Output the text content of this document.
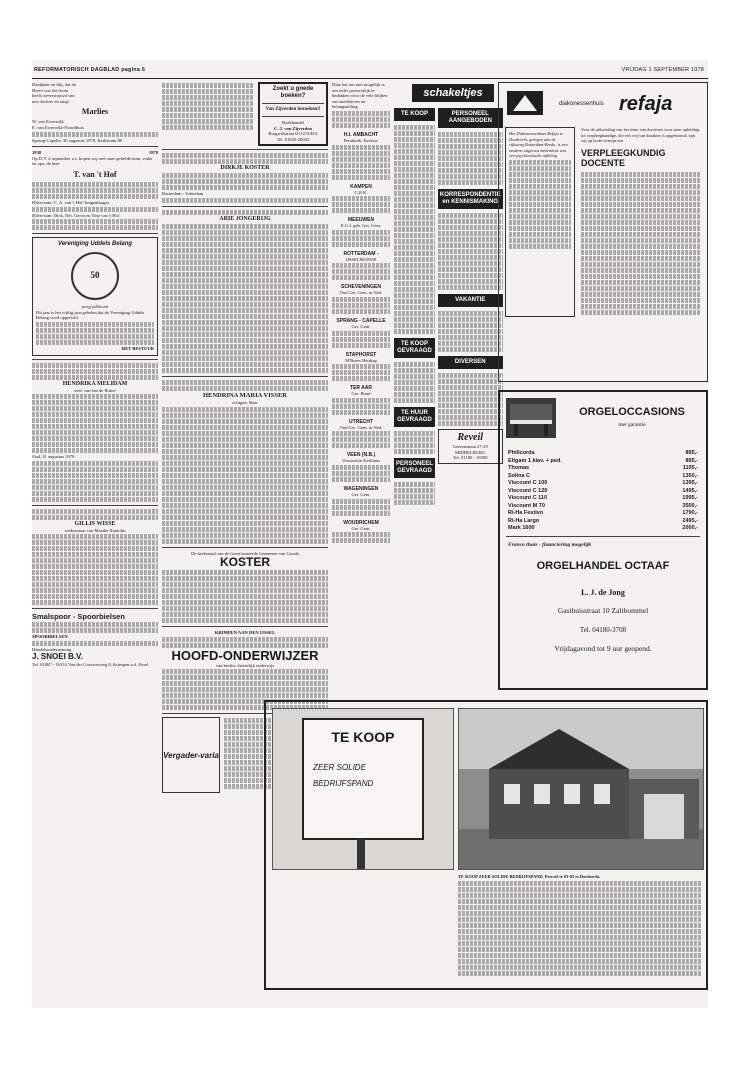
REFORMATORISCH DAGBLAD pagina 6	VRIJDAG 1 SEPTEMBER 1978
Dankbaar en blij, dat de
Heere ons het leven
heeft toevertrouwd van
ons dochter en zusje
Marlies
W. van Ewerwijk
E. van Ewerwijk-Noordhuis
Sprang-Capelle, 30 augustus 1978, Kerkstraat 89
1938	1978
Op D.V. 4 september a.s. hopen wij met onze geliefde man, vader en opa, de heer
T. van 't Hof
Hilversum: C. A. van 't Hof-Jongenburger
Hilversum: Dick, Nel, Gerrit en Tiny van 't Hof
Vereniging Uddels Belang
50
jarig jubileum
Dit jaar is het vijftig jaar geleden dat de Vereniging Uddels Belang werd opgericht.
HET BESTUUR
HENDRIKA MELIDAM
wed. van Jan de Ruiter
Oud, 31 augustus 1978
GILLIS WISSE
weduwnaar van Maaike Kentolin
Smalspoor - Spoorbielsen
SPOORBIELSEN
Handelsonderneming
J. SNOEI B.V.
Tel. 01867 - 16153 Van der Goeswerweg 8, Krimpen a.d. IJssel
Zoekt u goede boeken?
Van Zijverden bezoeken!!
Boekhandel
C. J. van Zijverden
Burgwalstraat 63 GOUDA
Tel. 01820-20043
DIRKJE KOSTER
Rotterdam - Schiedam
ARIE JONGERIJG
HENDRINA MARIA VISSER
echtgen. Baar
De kerkeraad van de Gereformeerde Gemeente van Gouda
KOSTER
KRIMPEN AAN DEN IJSSEL
HOOFD-ONDERWIJZER
van beslist christelijk onderwijs
Vergader-varia
Daar het om niet mogelijk is, om ieder persoonlijk te bedanken voor de vele blijken van medeleven en belangstelling
H.I. AMBACHT
Petrakerk, Kerkstr.
KAMPEN
G.B.K.
MEEUWEN
E.G.I. geb. Ger. Gem.
ROTTERDAM -
IJSSELMONDE
SCHEVENINGEN
Oud Ger. Gem. in Ned.
SPRANG - CAPELLE
Ger. Gem.
STAPHORST
M'Boers Herdtag
TER AAR
Ger. Bond
UTRECHT
Oud Ger. Gem. in Ned.
VEEN (N.B.)
Voortzettin Kerkhuis
WAGENINGEN
Ger. Gem.
WOUDRICHEM
Ger. Gem.
schakeltjes
TE KOOP
TE KOOP GEVRAAGD
TE HUUR GEVRAAGD
PERSONEEL GEVRAAGD
PERSONEEL AANGEBODEN
KORRESPONDENTIE en KENNISMAKING
VAKANTIE
DIVERSEN
Reveil
Geerenstraat 27-29 MIDDELBURG
Tel. 01180 - 18390
refaja
diakonessenhuis
Het Diakonessenhuis Refaja te Dordrecht, gelegen aan de rijksweg Rotterdam-Breda, is een modern uitgerust ziekenhuis van een psychiatrische afdeling
Voor de uitbreiding van het team van docenten voor onze opleiding tot verpleegkundige, die een vrij van karakter is opgebouwd, zijn wij op korte termijn een
VERPLEEGKUNDIG DOCENTE
ORGELOCCASIONS
met garantie
Philicorda	895,-
Eltgam 1 klav. + ped.	895,-
Thomas	1195,-
Solina C	1350,-
Viscount C 100	1395,-
Viscount C 120	1495,-
Viscount C 110	1995,-
Viscount M 70	3500,-
Ri-Ha Festivo	1790,-
Ri-Ha Largo	2495,-
Mark 1600	2000,-
Franco thuis - financiering mogelijk
ORGELHANDEL OCTAAF
L. J. de Jong
Gasthuisstraat 10 Zaltbommel
Tel. 04180-3708
Vrijdagavond tot 9 uur geopend.
TE KOOP
ZEER SOLIDE
BEDRIJFSPAND
TE KOOP ZEER SOLIDE BEDRIJFSPAND, Perceel te 01-03 te Dordrecht.
